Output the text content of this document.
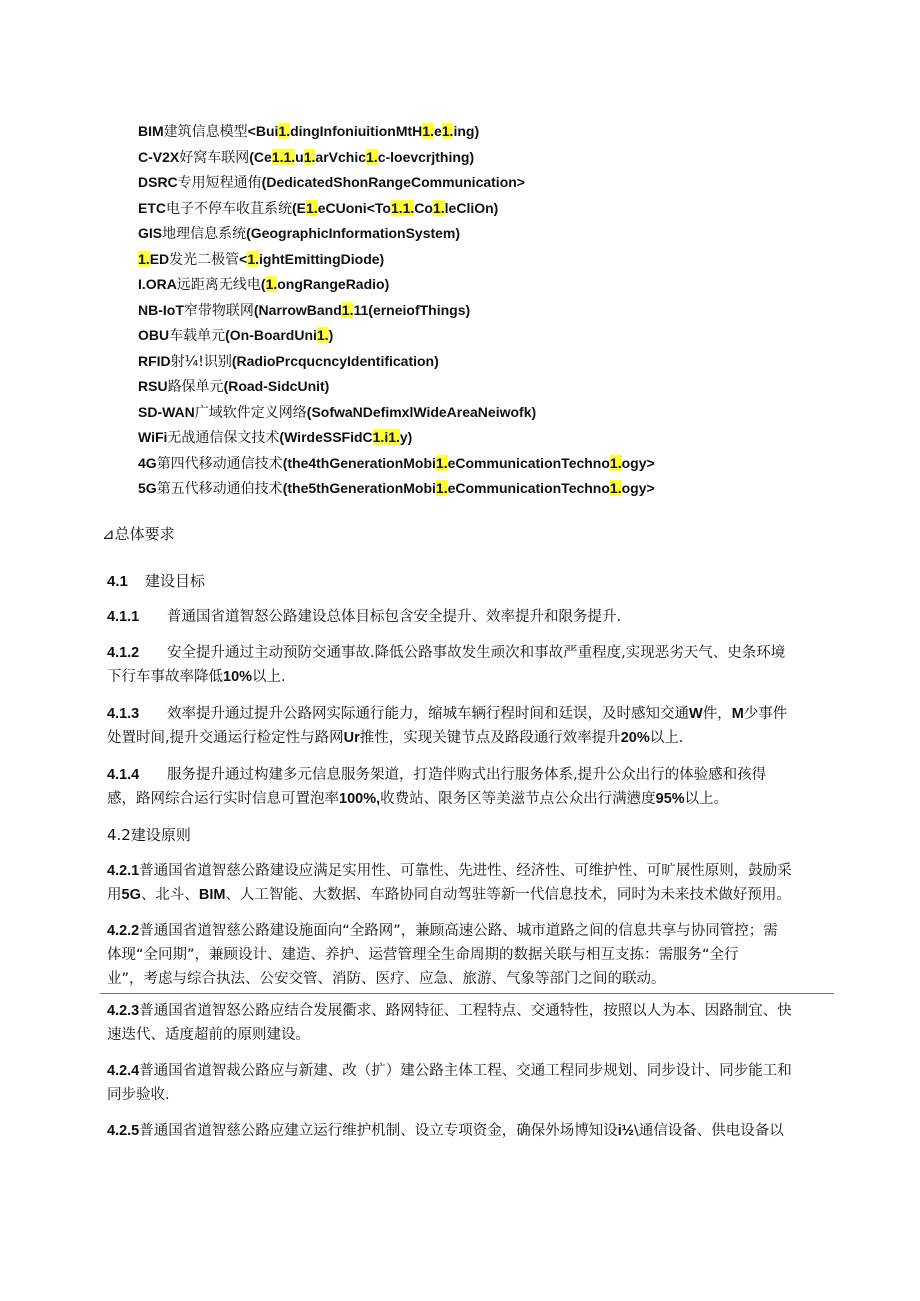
BIM建筑信息模型<Bui1.dingInfoniuitionMtH1.e1.ing)
C-V2X好窝车联网(Ce1.1.u1.arVchic1.c-loevcrjthing)
DSRC专用短程通侑(DedicatedShonRangeCommunication>
ETC电子不停车收苴系统(E1.eCUoni<To1.1.Co1.leCliOn)
GIS地理信息系统(GeographicInformationSystem)
1.ED发光二极管<1.ightEmittingDiode)
I.ORA远距离无线电(1.ongRangeRadio)
NB-IoT窄带物联网(NarrowBand1.11(erneiofThings)
OBU车载单元(On-BoardUni1.)
RFID射¼!识别(RadioPrcqucncyIdentification)
RSU路保单元(Road-SidcUnit)
SD-WAN广域软件定义网络(SofwaNDefimxlWideAreaNeiwofk)
WiFi无战通信保文技术(WirdeSSFidC1.i1.y)
4G第四代移动通信技术(the4thGenerationMobi1.eCommunicationTechno1.ogy>
5G第五代移动通伯技术(the5thGenerationMobi1.eCommunicationTechno1.ogy>
⊿总体要求
4.1 建设目标
4.1.1 普通国省道智怒公路建设总体目标包含安全提升、效率提升和限务提升.
4.1.2 安全提升通过主动预防交通事故.降低公路事故发生顽次和事故严重程度,实现恶劣天气、史条环境
下行车事故率降低10%以上.
4.1.3 效率提升通过提升公路网实际通行能力，缩城车辆行程时间和廷误，及时感知交通W件，M少事件
处置时间,提升交通运行检定性与路网Ur推性，实现关键节点及路段通行效率提升20%以上.
4.1.4 服务提升通过构建多元信息服务架道，打造伴购式出行服务体系,提升公众出行的体验感和孩得
感，路网综合运行实时信息可置泡率100%,收费站、限务区等美滋节点公众出行满懑度95%以上。
4.2建设原则
4.2.1普通国省道智慈公路建设应满足实用性、可靠性、先进性、经济性、可维护性、可旷展性原则，鼓励采
用5G、北斗、BIM、人工智能、大数据、车路协同自动驾驻等新一代信息技术，同时为未来技术做好预用。
4.2.2普通国省道智慈公路建设施面向“全路网”，兼顾高速公路、城市道路之间的信息共享与协同管控；需
体现“全冋期”，兼顾设计、建造、养护、运营管理全生命周期的数据关联与相互支拣：需服务“全行
业”，考虑与综合执法、公安交管、消防、医疗、应急、旅游、气象等部门之间的联动。
4.2.3普通国省道智怒公路应结合发展衢求、路网特征、工程特点、交通特性，按照以人为本、因路制宜、快
速迭代、适度超前的原则建设。
4.2.4普通国省道智裁公路应与新建、改（扩）建公路主体工程、交通工程同步规划、同步设计、同步能工和
同步验收.
4.2.5普通国省道智慈公路应建立运行维护机制、设立专项资金，确保外场博知设i½\通信设备、供电设备以
